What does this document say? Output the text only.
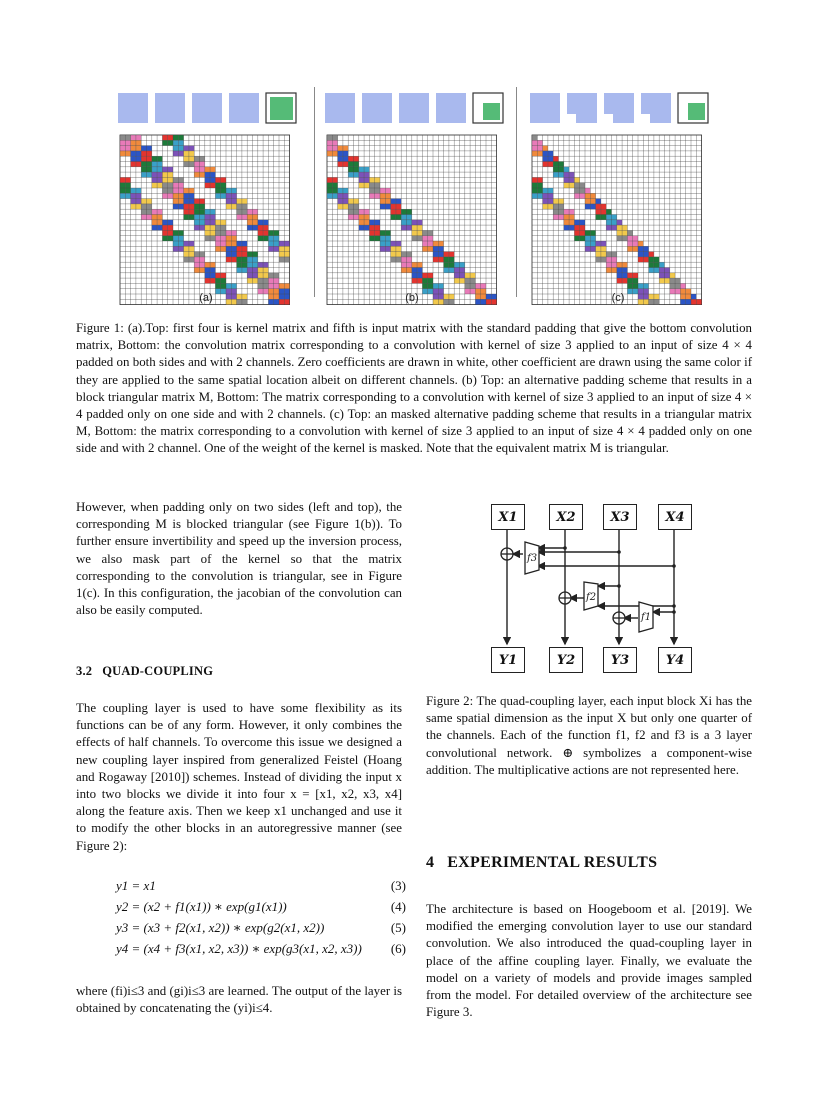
(a)	(b)	(c)
Figure 1: (a).Top: first four is kernel matrix and fifth is input matrix with the standard padding that give the bottom convolution matrix, Bottom: the convolution matrix corresponding to a convolution with kernel of size 3 applied to an input of size 4 × 4 padded on both sides and with 2 channels. Zero coefficients are drawn in white, other coefficient are drawn using the same color if they are applied to the same spatial location albeit on different channels. (b) Top: an alternative padding scheme that results in a block triangular matrix M, Bottom: The matrix corresponding to a convolution with kernel of size 3 applied to an input of size 4 × 4 padded only on one side and with 2 channels. (c) Top: an masked alternative padding scheme that results in a triangular matrix M, Bottom: the matrix corresponding to a convolution with kernel of size 3 applied to an input of size 4 × 4 padded only on one side and with 2 channel. One of the weight of the kernel is masked. Note that the equivalent matrix M is triangular.
However, when padding only on two sides (left and top), the corresponding M is blocked triangular (see Figure 1(b)). To further ensure invertibility and speed up the inversion process, we also mask part of the kernel so that the matrix corresponding to the convolution is triangular, see in Figure 1(c). In this configuration, the jacobian of the convolution can also be easily computed.
3.2   QUAD-COUPLING
The coupling layer is used to have some flexibility as its functions can be of any form. However, it only combines the effects of half channels. To overcome this issue we designed a new coupling layer inspired from generalized Feistel (Hoang and Rogaway [2010]) schemes. Instead of dividing the input x into two blocks we divide it into four x = [x1, x2, x3, x4] along the feature axis. Then we keep x1 unchanged and use it to modify the other blocks in an autoregressive manner (see Figure 2):
y1 = x1	(3)
y2 = (x2 + f1(x1)) ∗ exp(g1(x1))	(4)
y3 = (x3 + f2(x1, x2)) ∗ exp(g2(x1, x2))	(5)
y4 = (x4 + f3(x1, x2, x3)) ∗ exp(g3(x1, x2, x3)) (6)
where (fi)i≤3 and (gi)i≤3 are learned. The output of the layer is obtained by concatenating the (yi)i≤4.
f3
f2
f1
X1	X2	X3	X4
Y1	Y2	Y3	Y4
Figure 2: The quad-coupling layer, each input block Xi has the same spatial dimension as the input X but only one quarter of the channels. Each of the function f1, f2 and f3 is a 3 layer convolutional network. ⊕ symbolizes a component-wise addition. The multiplicative actions are not represented here.
4   EXPERIMENTAL RESULTS
The architecture is based on Hoogeboom et al. [2019]. We modified the emerging convolution layer to use our standard convolution. We also introduced the quad-coupling layer in place of the affine coupling layer. Finally, we evaluate the model on a variety of models and provide images sampled from the model. For detailed overview of the architecture see Figure 3.
